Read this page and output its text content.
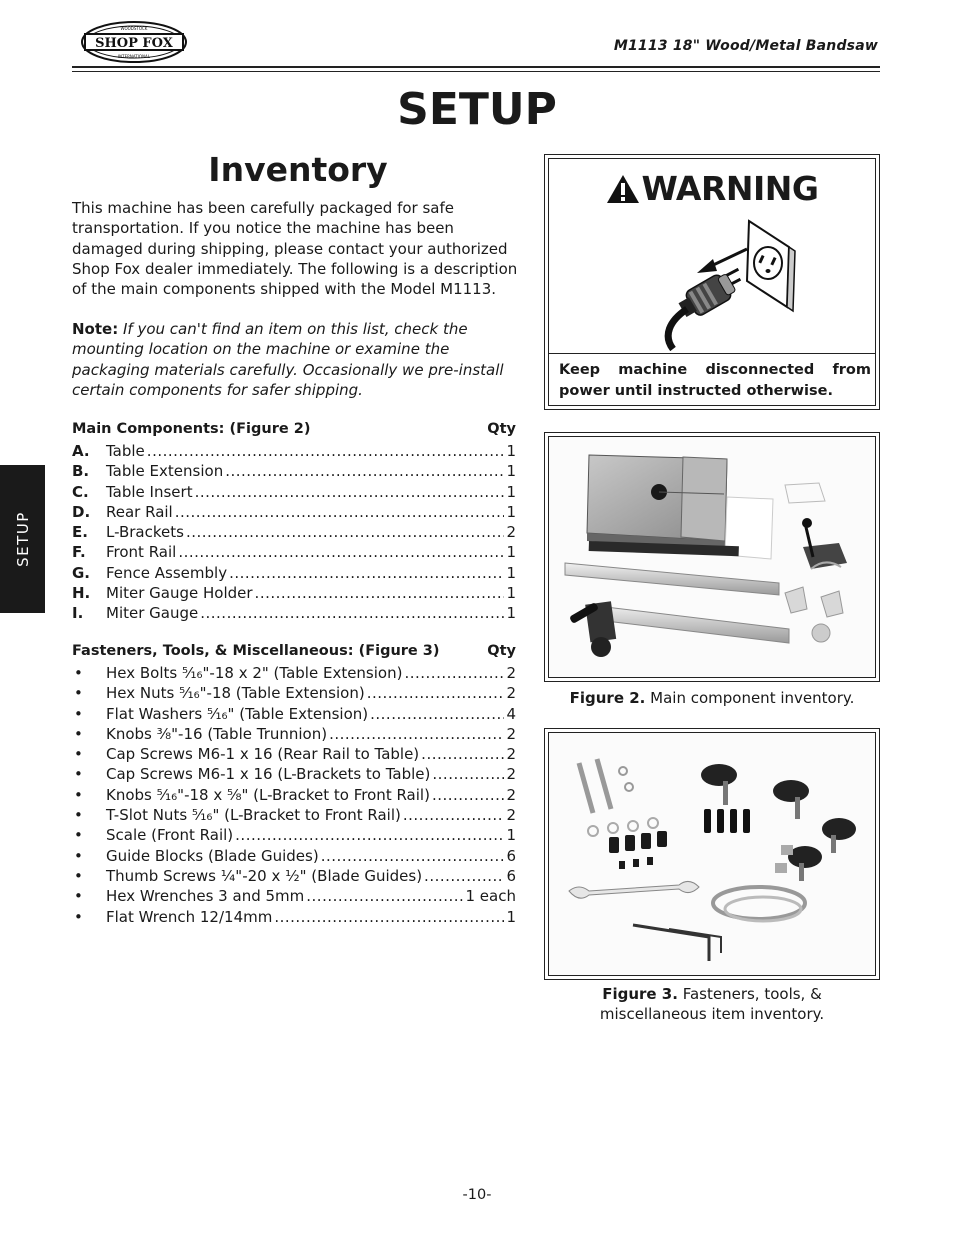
SHOP FOX
WOODSTOCK
INTERNATIONAL
M1113 18" Wood/Metal Bandsaw
SETUP
SETUP
Inventory
This machine has been carefully packaged for safe transportation. If you notice the machine has been damaged during shipping, please contact your authorized Shop Fox dealer immediately. The following is a description of the main components shipped with the Model M1113.
Note: If you can't find an item on this list, check the mounting location on the machine or examine the packaging materials carefully. Occasionally we pre-install certain components for safer shipping.
Main Components: (Figure 2)	Qty
A.	Table .....	1
B.	Table Extension .....	1
C.	Table Insert .....	1
D.	Rear Rail .....	1
E.	L-Brackets .....	2
F.	Front Rail .....	1
G.	Fence Assembly .....	1
H.	Miter Gauge Holder .....	1
I.	Miter Gauge .....	1
Fasteners, Tools, & Miscellaneous: (Figure 3)	Qty
•	Hex Bolts ⁵⁄₁₆"-18 x 2" (Table Extension) .....	2
•	Hex Nuts ⁵⁄₁₆"-18 (Table Extension) .....	2
•	Flat Washers ⁵⁄₁₆" (Table Extension) .....	4
•	Knobs ³⁄₈"-16 (Table Trunnion) .....	2
•	Cap Screws M6-1 x 16 (Rear Rail to Table) .....	2
•	Cap Screws M6-1 x 16 (L-Brackets to Table) .....	2
•	Knobs ⁵⁄₁₆"-18 x ⁵⁄₈" (L-Bracket to Front Rail) .....	2
•	T-Slot Nuts ⁵⁄₁₆" (L-Bracket to Front Rail) .....	2
•	Scale (Front Rail) .....	1
•	Guide Blocks (Blade Guides) .....	6
•	Thumb Screws ¹⁄₄"-20 x ¹⁄₂" (Blade Guides) .....	6
•	Hex Wrenches 3 and 5mm .....	1 each
•	Flat Wrench 12/14mm .....	1
WARNING
Keep machine disconnected from power until instructed otherwise.
Figure 2. Main component inventory.
Figure 3. Fasteners, tools, & miscellaneous item inventory.
-10-
